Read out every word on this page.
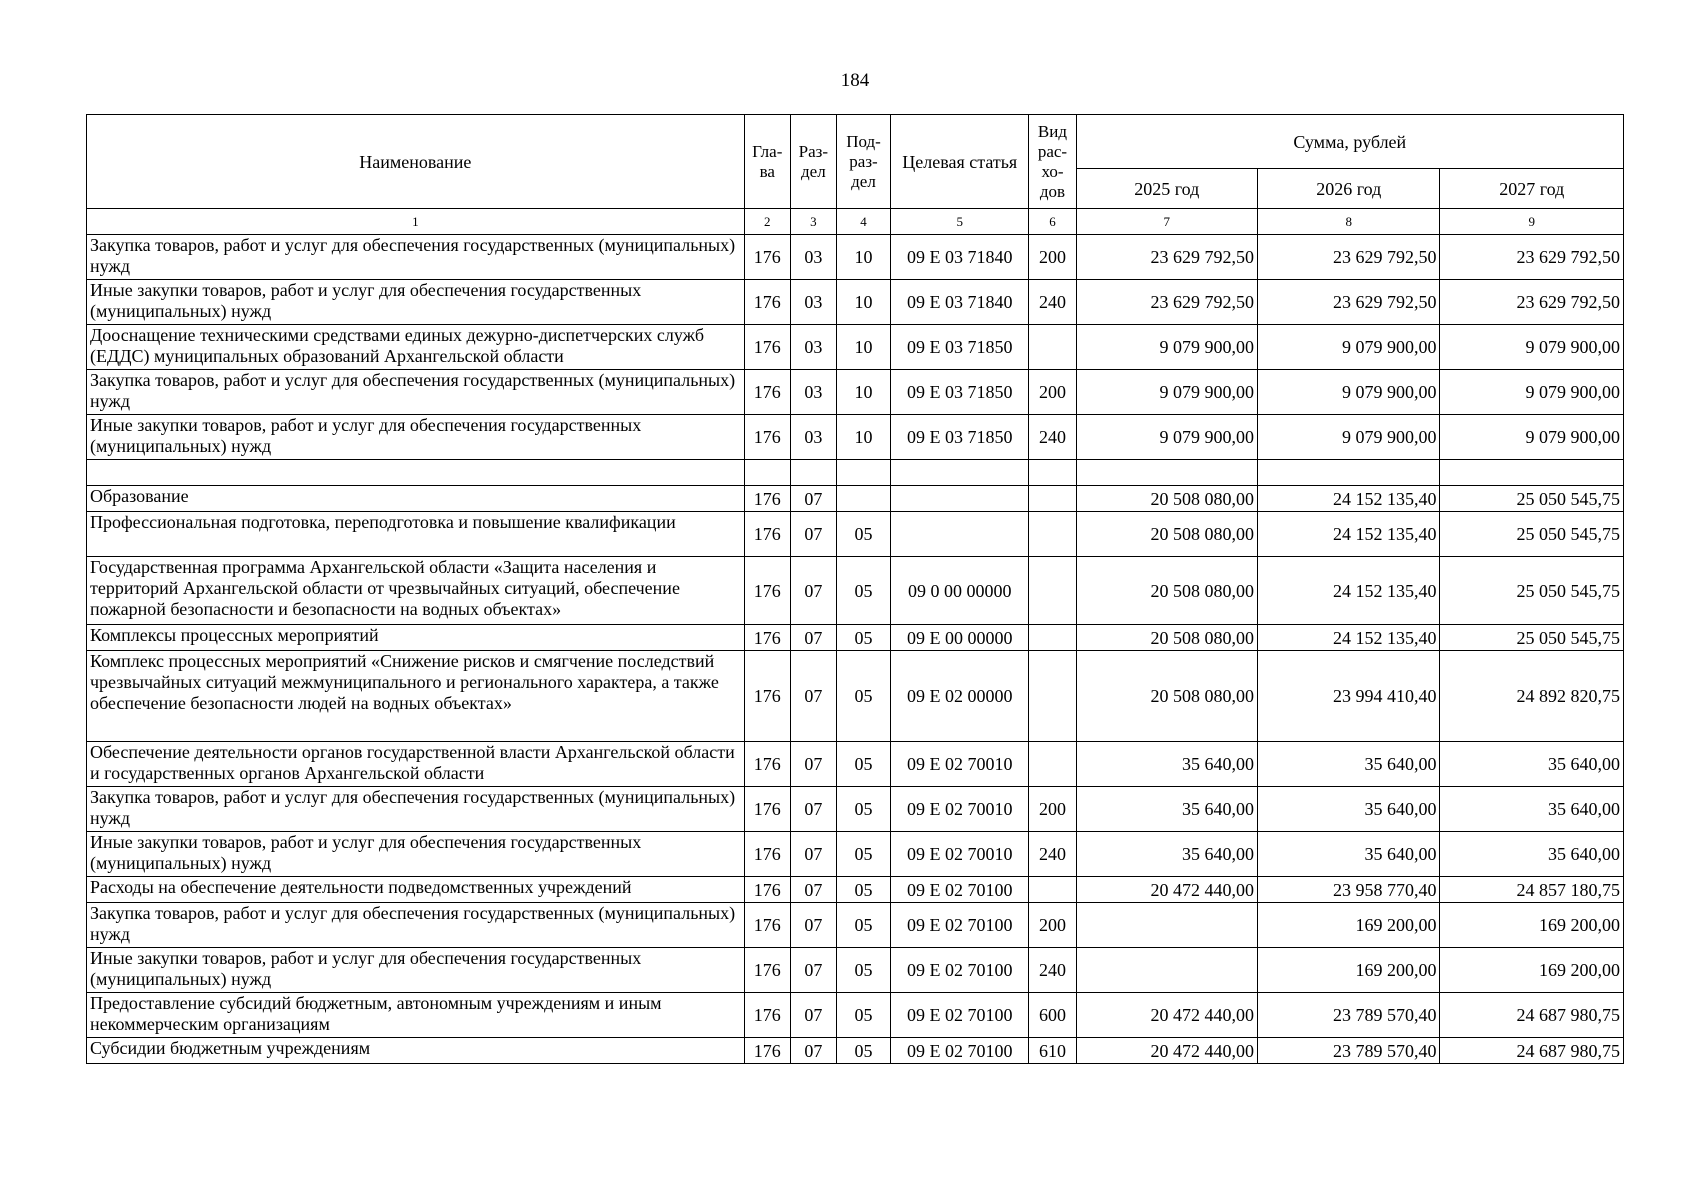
184
Наименование	Гла-ва	Раз-дел	Под-раз-дел	Целевая статья	Вид рас-хо-дов	Сумма, рублей		
						2025 год	2026 год	2027 год
1	2	3	4	5	6	7	8	9
Закупка товаров, работ и услуг для обеспечения государственных (муниципальных) нужд	176	03	10	09 Е 03 71840	200	23 629 792,50	23 629 792,50	23 629 792,50
Иные закупки товаров, работ и услуг для обеспечения государственных (муниципальных) нужд	176	03	10	09 Е 03 71840	240	23 629 792,50	23 629 792,50	23 629 792,50
Дооснащение техническими средствами единых дежурно-диспетчерских служб (ЕДДС) муниципальных образований Архангельской области	176	03	10	09 Е 03 71850		9 079 900,00	9 079 900,00	9 079 900,00
Закупка товаров, работ и услуг для обеспечения государственных (муниципальных) нужд	176	03	10	09 Е 03 71850	200	9 079 900,00	9 079 900,00	9 079 900,00
Иные закупки товаров, работ и услуг для обеспечения государственных (муниципальных) нужд	176	03	10	09 Е 03 71850	240	9 079 900,00	9 079 900,00	9 079 900,00

Образование	176	07				20 508 080,00	24 152 135,40	25 050 545,75
Профессиональная подготовка, переподготовка и повышение квалификации	176	07	05			20 508 080,00	24 152 135,40	25 050 545,75
Государственная программа Архангельской области «Защита населения и территорий Архангельской области от чрезвычайных ситуаций, обеспечение пожарной безопасности и безопасности на водных объектах»	176	07	05	09 0 00 00000		20 508 080,00	24 152 135,40	25 050 545,75
Комплексы процессных мероприятий	176	07	05	09 Е 00 00000		20 508 080,00	24 152 135,40	25 050 545,75
Комплекс процессных мероприятий «Снижение рисков и смягчение последствий чрезвычайных ситуаций межмуниципального и регионального характера, а также обеспечение безопасности людей на водных объектах»	176	07	05	09 Е 02 00000		20 508 080,00	23 994 410,40	24 892 820,75
Обеспечение деятельности органов государственной власти Архангельской области и государственных органов Архангельской области	176	07	05	09 Е 02 70010		35 640,00	35 640,00	35 640,00
Закупка товаров, работ и услуг для обеспечения государственных (муниципальных) нужд	176	07	05	09 Е 02 70010	200	35 640,00	35 640,00	35 640,00
Иные закупки товаров, работ и услуг для обеспечения государственных (муниципальных) нужд	176	07	05	09 Е 02 70010	240	35 640,00	35 640,00	35 640,00
Расходы на обеспечение деятельности подведомственных учреждений	176	07	05	09 Е 02 70100		20 472 440,00	23 958 770,40	24 857 180,75
Закупка товаров, работ и услуг для обеспечения государственных (муниципальных) нужд	176	07	05	09 Е 02 70100	200		169 200,00	169 200,00
Иные закупки товаров, работ и услуг для обеспечения государственных (муниципальных) нужд	176	07	05	09 Е 02 70100	240		169 200,00	169 200,00
Предоставление субсидий бюджетным, автономным учреждениям и иным некоммерческим организациям	176	07	05	09 Е 02 70100	600	20 472 440,00	23 789 570,40	24 687 980,75
Субсидии бюджетным учреждениям	176	07	05	09 Е 02 70100	610	20 472 440,00	23 789 570,40	24 687 980,75
